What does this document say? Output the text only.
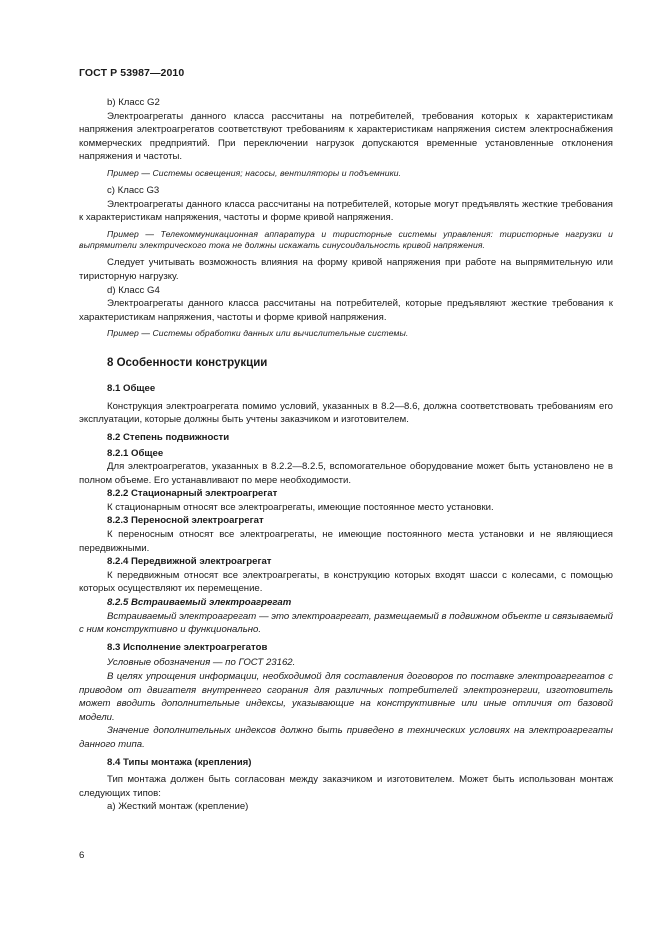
ГОСТ Р 53987—2010

b) Класс G2

Электроагрегаты данного класса рассчитаны на потребителей, требования которых к характеристикам напряжения электроагрегатов соответствуют требованиям к характеристикам напряжения систем электроснабжения коммерческих предприятий. При переключении нагрузок допускаются временные установленные отклонения напряжения и частоты.

Пример — Системы освещения; насосы, вентиляторы и подъемники.

с) Класс G3

Электроагрегаты данного класса рассчитаны на потребителей, которые могут предъявлять жесткие требования к характеристикам напряжения, частоты и форме кривой напряжения.

Пример — Телекоммуникационная аппаратура и тиристорные системы управления: тиристорные нагрузки и выпрямители электрического тока не должны искажать синусоидальность кривой напряжения.

Следует учитывать возможность влияния на форму кривой напряжения при работе на выпрямительную или тиристорную нагрузку.

d) Класс G4

Электроагрегаты данного класса рассчитаны на потребителей, которые предъявляют жесткие требования к характеристикам напряжения, частоты и форме кривой напряжения.

Пример — Системы обработки данных или вычислительные системы.

8 Особенности конструкции

8.1 Общее

Конструкция электроагрегата помимо условий, указанных в 8.2—8.6, должна соответствовать требованиям его эксплуатации, которые должны быть учтены заказчиком и изготовителем.

8.2 Степень подвижности

8.2.1 Общее

Для электроагрегатов, указанных в 8.2.2—8.2.5, вспомогательное оборудование может быть установлено не в полном объеме. Его устанавливают по мере необходимости.

8.2.2 Стационарный электроагрегат

К стационарным относят все электроагрегаты, имеющие постоянное место установки.

8.2.3 Переносной электроагрегат

К переносным относят все электроагрегаты, не имеющие постоянного места установки и не являющиеся передвижными.

8.2.4 Передвижной электроагрегат

К передвижным относят все электроагрегаты, в конструкцию которых входят шасси с колесами, с помощью которых осуществляют их перемещение.

8.2.5 Встраиваемый электроагрегат

Встраиваемый электроагрегат — это электроагрегат, размещаемый в подвижном объекте и связываемый с ним конструктивно и функционально.

8.3 Исполнение электроагрегатов

Условные обозначения — по ГОСТ 23162.

В целях упрощения информации, необходимой для составления договоров по поставке электроагрегатов с приводом от двигателя внутреннего сгорания для различных потребителей электроэнергии, изготовитель может вводить дополнительные индексы, указывающие на конструктивные или иные отличия от базовой модели.

Значение дополнительных индексов должно быть приведено в технических условиях на электроагрегаты данного типа.

8.4 Типы монтажа (крепления)

Тип монтажа должен быть согласован между заказчиком и изготовителем. Может быть использован монтаж следующих типов:

а) Жесткий монтаж (крепление)

6
